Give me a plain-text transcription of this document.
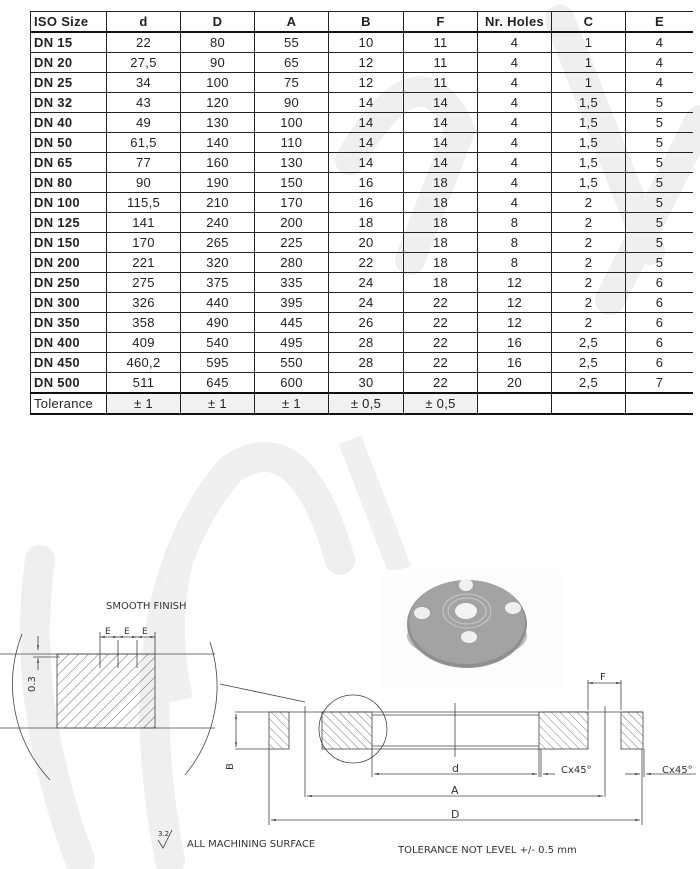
ISO Size	d	D	A	B	F	Nr. Holes	C	E
DN 15	22	80	55	10	11	4	1	4
DN 20	27,5	90	65	12	11	4	1	4
DN 25	34	100	75	12	11	4	1	4
DN 32	43	120	90	14	14	4	1,5	5
DN 40	49	130	100	14	14	4	1,5	5
DN 50	61,5	140	110	14	14	4	1,5	5
DN 65	77	160	130	14	14	4	1,5	5
DN 80	90	190	150	16	18	4	1,5	5
DN 100	115,5	210	170	16	18	4	2	5
DN 125	141	240	200	18	18	8	2	5
DN 150	170	265	225	20	18	8	2	5
DN 200	221	320	280	22	18	8	2	5
DN 250	275	375	335	24	18	12	2	6
DN 300	326	440	395	24	22	12	2	6
DN 350	358	490	445	26	22	12	2	6
DN 400	409	540	495	28	22	16	2,5	6
DN 450	460,2	595	550	28	22	16	2,5	6
DN 500	511	645	600	30	22	20	2,5	7
Tolerance	± 1	± 1	± 1	± 0,5	± 0,5			
SMOOTH FINISH
E E E
0.3
B
F
d
A
D
Cx45°	Cx45°
3.2
ALL MACHINING SURFACE
TOLERANCE NOT LEVEL +/- 0.5 mm
